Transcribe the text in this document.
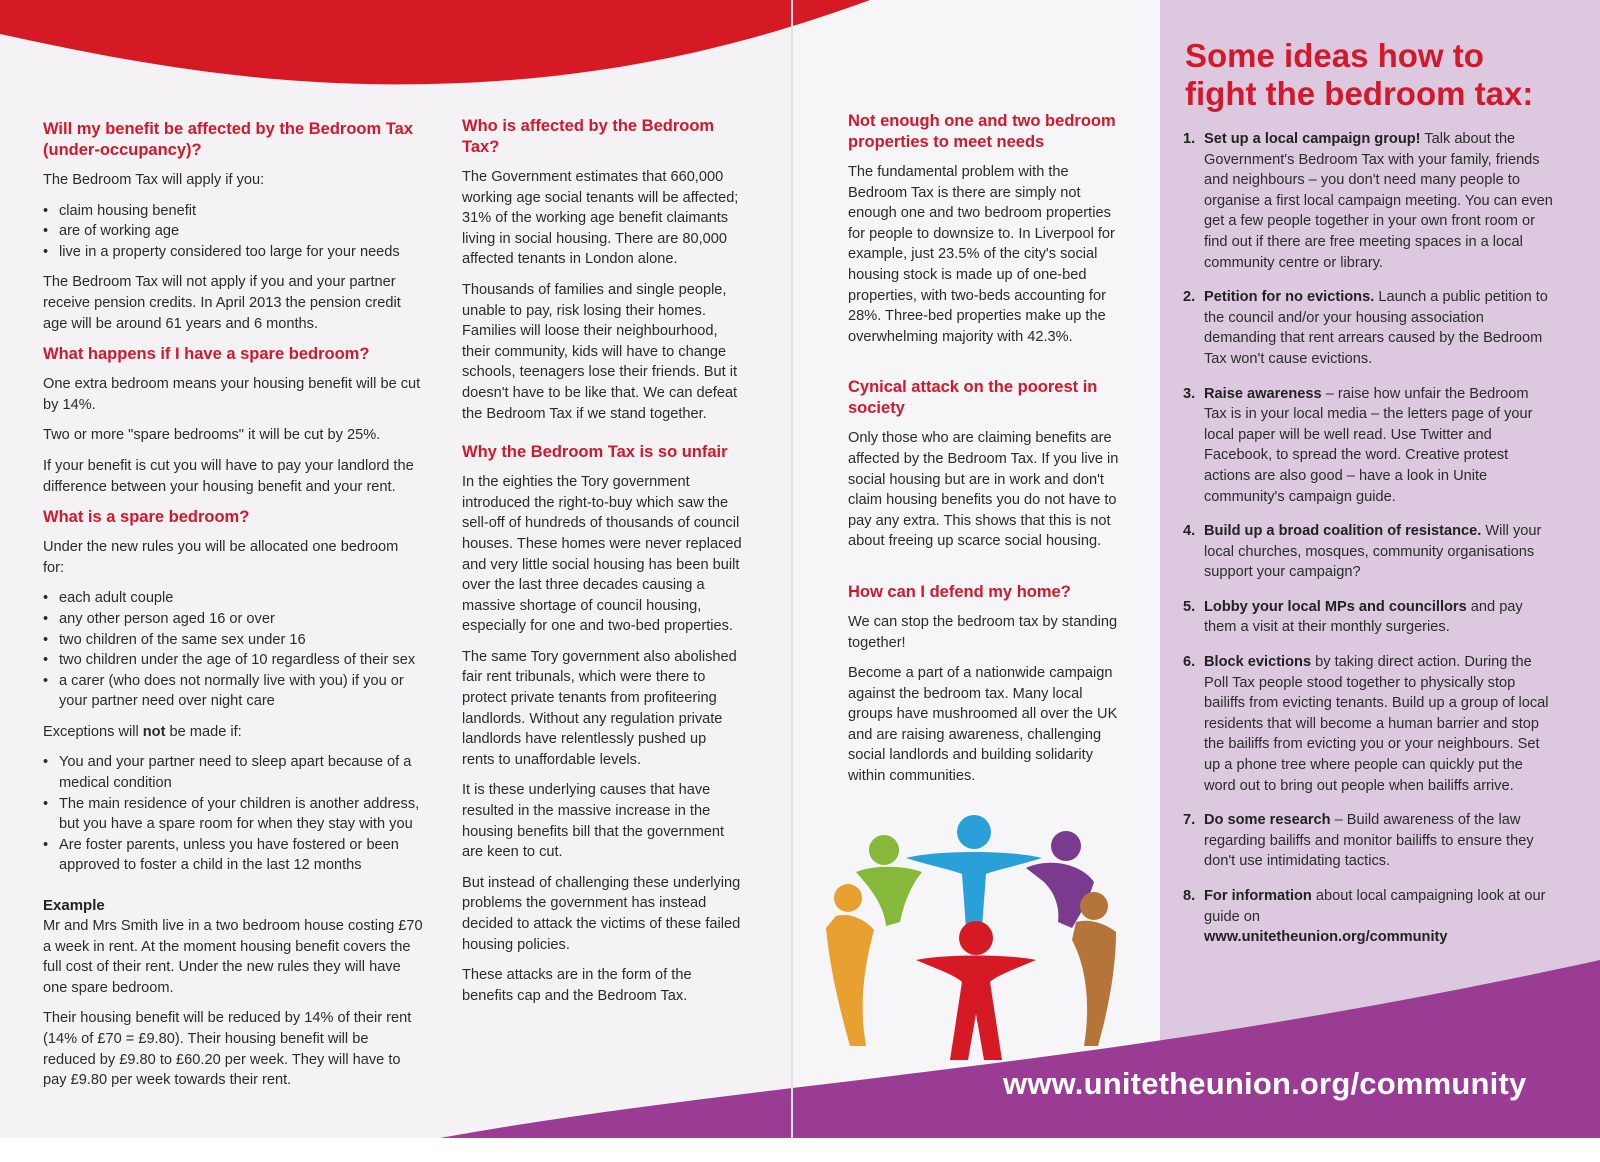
Will my benefit be affected by the Bedroom Tax (under-occupancy)?

The Bedroom Tax will apply if you:

• claim housing benefit
• are of working age
• live in a property considered too large for your needs

The Bedroom Tax will not apply if you and your partner receive pension credits. In April 2013 the pension credit age will be around 61 years and 6 months.

What happens if I have a spare bedroom?

One extra bedroom means your housing benefit will be cut by 14%.

Two or more "spare bedrooms" it will be cut by 25%.

If your benefit is cut you will have to pay your landlord the difference between your housing benefit and your rent.

What is a spare bedroom?

Under the new rules you will be allocated one bedroom for:

• each adult couple
• any other person aged 16 or over
• two children of the same sex under 16
• two children under the age of 10 regardless of their sex
• a carer (who does not normally live with you) if you or your partner need over night care

Exceptions will not be made if:

• You and your partner need to sleep apart because of a medical condition
• The main residence of your children is another address, but you have a spare room for when they stay with you
• Are foster parents, unless you have fostered or been approved to foster a child in the last 12 months
Example

Mr and Mrs Smith live in a two bedroom house costing £70 a week in rent. At the moment housing benefit covers the full cost of their rent. Under the new rules they will have one spare bedroom.

Their housing benefit will be reduced by 14% of their rent (14% of £70 = £9.80). Their housing benefit will be reduced by £9.80 to £60.20 per week. They will have to pay £9.80 per week towards their rent.

Who is affected by the Bedroom Tax?

The Government estimates that 660,000 working age social tenants will be affected; 31% of the working age benefit claimants living in social housing. There are 80,000 affected tenants in London alone.

Thousands of families and single people, unable to pay, risk losing their homes. Families will loose their neighbourhood, their community, kids will have to change schools, teenagers lose their friends. But it doesn't have to be like that. We can defeat the Bedroom Tax if we stand together.

Why the Bedroom Tax is so unfair

In the eighties the Tory government introduced the right-to-buy which saw the sell-off of hundreds of thousands of council houses. These homes were never replaced and very little social housing has been built over the last three decades causing a massive shortage of council housing, especially for one and two-bed properties.

The same Tory government also abolished fair rent tribunals, which were there to protect private tenants from profiteering landlords. Without any regulation private landlords have relentlessly pushed up rents to unaffordable levels.

It is these underlying causes that have resulted in the massive increase in the housing benefits bill that the government are keen to cut.

But instead of challenging these underlying problems the government has instead decided to attack the victims of these failed housing policies.

These attacks are in the form of the benefits cap and the Bedroom Tax.

Not enough one and two bedroom properties to meet needs

The fundamental problem with the Bedroom Tax is there are simply not enough one and two bedroom properties for people to downsize to. In Liverpool for example, just 23.5% of the city's social housing stock is made up of one-bed properties, with two-beds accounting for 28%. Three-bed properties make up the overwhelming majority with 42.3%.

Cynical attack on the poorest in society

Only those who are claiming benefits are affected by the Bedroom Tax. If you live in social housing but are in work and don't claim housing benefits you do not have to pay any extra. This shows that this is not about freeing up scarce social housing.

How can I defend my home?

We can stop the bedroom tax by standing together!

Become a part of a nationwide campaign against the bedroom tax. Many local groups have mushroomed all over the UK and are raising awareness, challenging social landlords and building solidarity within communities.

Some ideas how to fight the bedroom tax:
1. Set up a local campaign group! Talk about the Government's Bedroom Tax with your family, friends and neighbours – you don't need many people to organise a first local campaign meeting. You can even get a few people together in your own front room or find out if there are free meeting spaces in a local community centre or library.
2. Petition for no evictions. Launch a public petition to the council and/or your housing association demanding that rent arrears caused by the Bedroom Tax won't cause evictions.
3. Raise awareness – raise how unfair the Bedroom Tax is in your local media – the letters page of your local paper will be well read. Use Twitter and Facebook, to spread the word. Creative protest actions are also good – have a look in Unite community's campaign guide.
4. Build up a broad coalition of resistance. Will your local churches, mosques, community organisations support your campaign?
5. Lobby your local MPs and councillors and pay them a visit at their monthly surgeries.
6. Block evictions by taking direct action. During the Poll Tax people stood together to physically stop bailiffs from evicting tenants. Build up a group of local residents that will become a human barrier and stop the bailiffs from evicting you or your neighbours. Set up a phone tree where people can quickly put the word out to bring out people when bailiffs arrive.
7. Do some research – Build awareness of the law regarding bailiffs and monitor bailiffs to ensure they don't use intimidating tactics.
8. For information about local campaigning look at our guide on
www.unitetheunion.org/community
www.unitetheunion.org/community
